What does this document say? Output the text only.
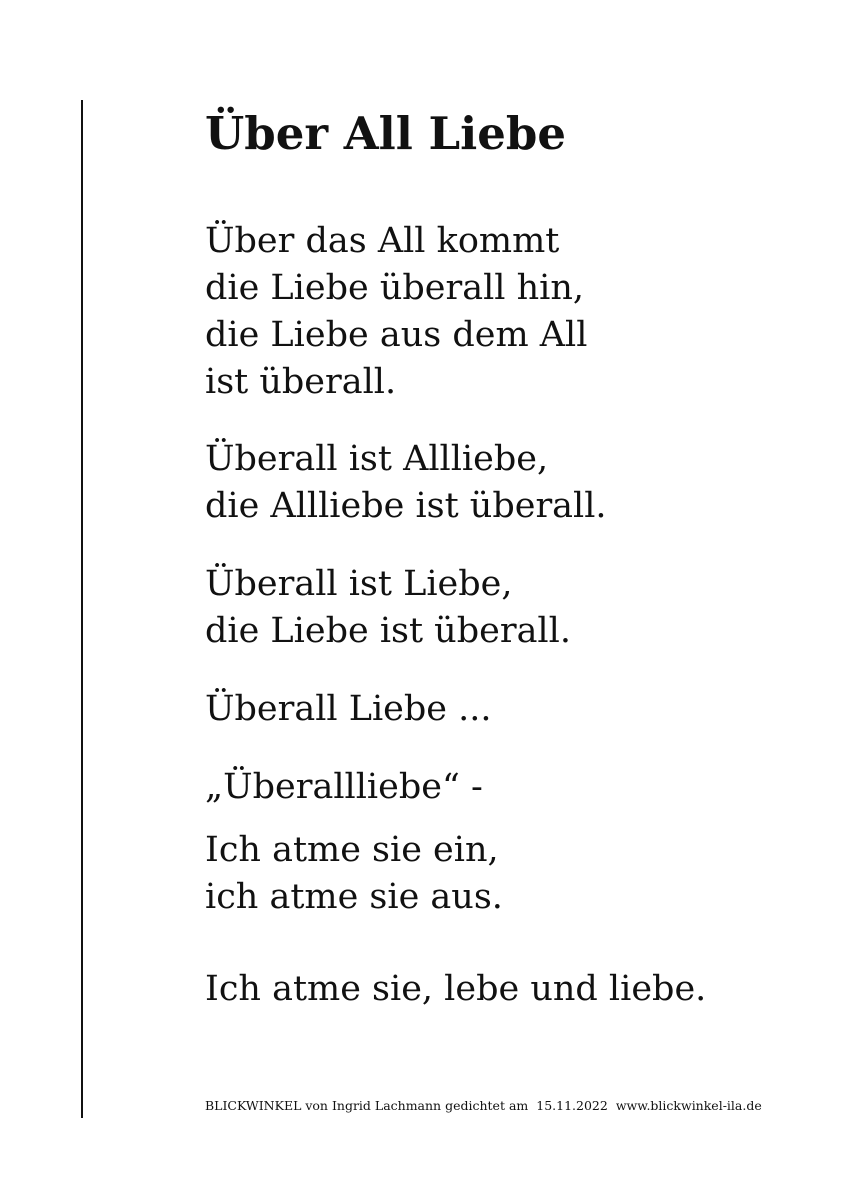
Über All Liebe

Über das All kommt

die Liebe überall hin,

die Liebe aus dem All

ist überall.

Überall ist Allliebe,

die Allliebe ist überall.

Überall ist Liebe,

die Liebe ist überall.

Überall Liebe ...

„Überallliebe“ -

Ich atme sie ein,

ich atme sie aus.

Ich atme sie, lebe und liebe.

BLICKWINKEL von Ingrid Lachmann gedichtet am 15.11.2022 www.blickwinkel-ila.de
